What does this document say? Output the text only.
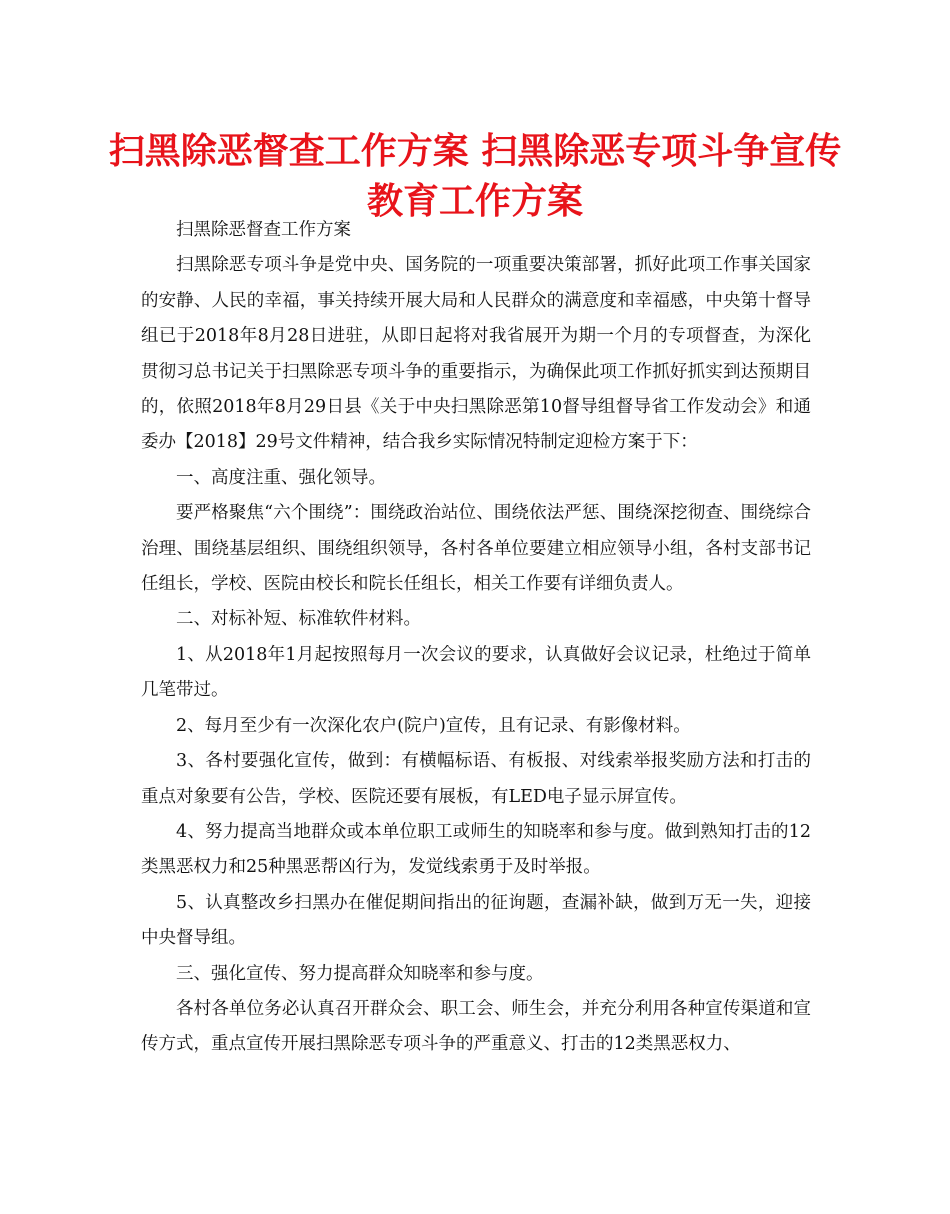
扫黑除恶督查工作方案 扫黑除恶专项斗争宣传教育工作方案

扫黑除恶督查工作方案

扫黑除恶专项斗争是党中央、国务院的一项重要决策部署，抓好此项工作事关国家的安静、人民的幸福，事关持续开展大局和人民群众的满意度和幸福感，中央第十督导组已于2018年8月28日进驻，从即日起将对我省展开为期一个月的专项督查，为深化贯彻习总书记关于扫黑除恶专项斗争的重要指示，为确保此项工作抓好抓实到达预期目的，依照2018年8月29日县《关于中央扫黑除恶第10督导组督导省工作发动会》和通委办【2018】29号文件精神，结合我乡实际情况特制定迎检方案于下：

一、高度注重、强化领导。

要严格聚焦“六个围绕”：围绕政治站位、围绕依法严惩、围绕深挖彻查、围绕综合治理、围绕基层组织、围绕组织领导，各村各单位要建立相应领导小组，各村支部书记任组长，学校、医院由校长和院长任组长，相关工作要有详细负责人。

二、对标补短、标准软件材料。

1、从2018年1月起按照每月一次会议的要求，认真做好会议记录，杜绝过于简单几笔带过。

2、每月至少有一次深化农户(院户)宣传，且有记录、有影像材料。

3、各村要强化宣传，做到：有横幅标语、有板报、对线索举报奖励方法和打击的重点对象要有公告，学校、医院还要有展板，有LED电子显示屏宣传。

4、努力提高当地群众或本单位职工或师生的知晓率和参与度。做到熟知打击的12类黑恶权力和25种黑恶帮凶行为，发觉线索勇于及时举报。

5、认真整改乡扫黑办在催促期间指出的征询题，查漏补缺，做到万无一失，迎接中央督导组。

三、强化宣传、努力提高群众知晓率和参与度。

各村各单位务必认真召开群众会、职工会、师生会，并充分利用各种宣传渠道和宣传方式，重点宣传开展扫黑除恶专项斗争的严重意义、打击的12类黑恶权力、
